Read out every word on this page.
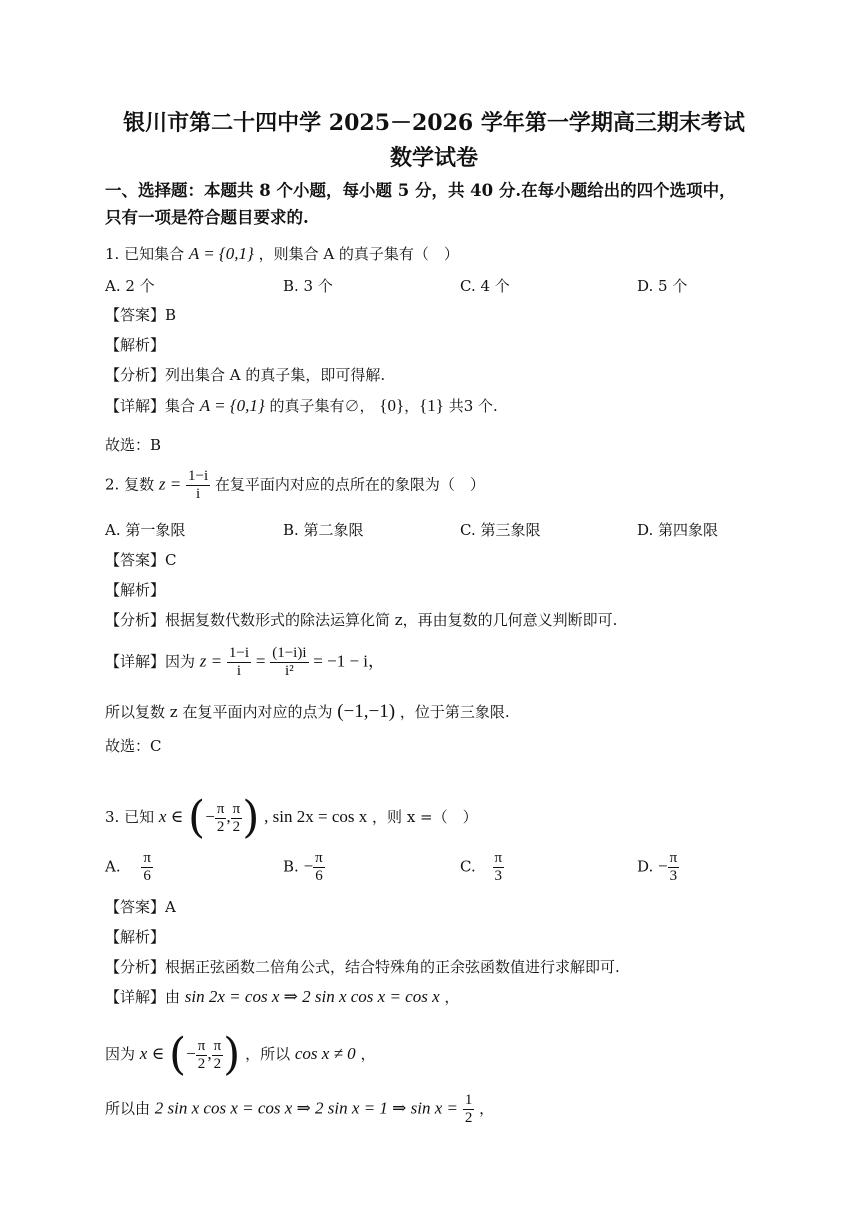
银川市第二十四中学 2025－2026 学年第一学期高三期末考试
数学试卷
一、选择题：本题共 8 个小题，每小题 5 分，共 40 分.在每小题给出的四个选项中，
只有一项是符合题目要求的.
1. 已知集合 A = {0,1} ，则集合 A 的真子集有（　）
A. 2 个	B. 3 个	C. 4 个	D. 5 个
【答案】B
【解析】
【分析】列出集合 A 的真子集，即可得解.
【详解】集合 A = {0,1} 的真子集有∅， {0}，{1} 共3 个.
故选：B
2. 复数 $z = \frac{1-i}{i}$ 在复平面内对应的点所在的象限为（　）
A. 第一象限	B. 第二象限	C. 第三象限	D. 第四象限
【答案】C
【解析】
【分析】根据复数代数形式的除法运算化简 z，再由复数的几何意义判断即可.
【详解】因为 $z = \frac{1-i}{i} = \frac{(1-i)i}{\text{i²}} = -1 - i$，
所以复数 z 在复平面内对应的点为 (−1,−1) ，位于第三象限.
故选：C
3. 已知 x ∈ (− $\frac{\pi}{2}$ , $\frac{\pi}{2}$ ) , sin 2x = cos x ，则 x =（　）
A. $\frac{\pi}{6}$	B. − $\frac{\pi}{6}$	C. $\frac{\pi}{3}$	D. − $\frac{\pi}{3}$
【答案】A
【解析】
【分析】根据正弦函数二倍角公式，结合特殊角的正余弦函数值进行求解即可.
【详解】由 sin 2x = cos x ⇒ 2 sin x cos x = cos x ，
因为 x ∈ (− $\frac{\pi}{2}$ , $\frac{\pi}{2}$ ) ，所以 cos x ≠ 0 ，
所以由 2 sin x cos x = cos x ⇒ 2 sin x = 1 ⇒ $\sin x = \frac{1}{2}$ ，
